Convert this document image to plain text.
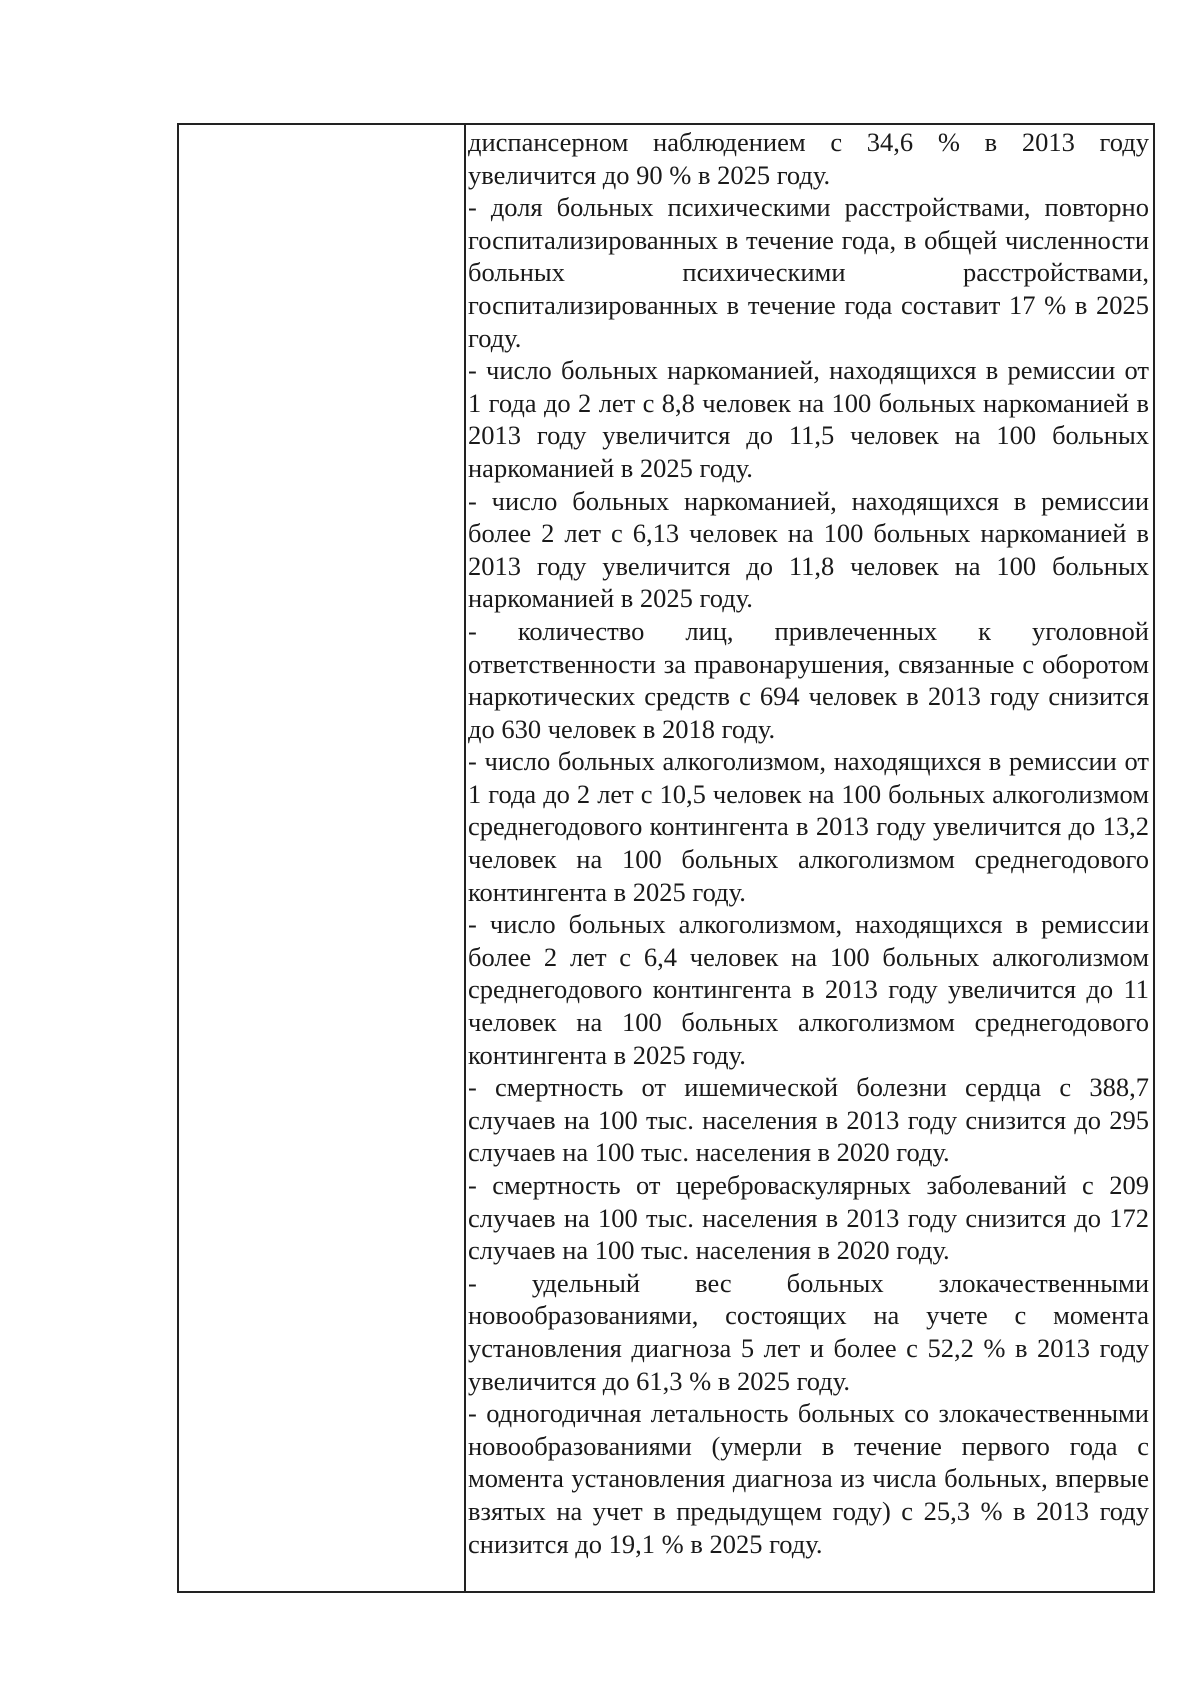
диспансерном наблюдением с 34,6 % в 2013 году увеличится до 90 % в 2025 году.

- доля больных психическими расстройствами, повторно госпитализированных в течение года, в общей численности больных психическими расстройствами, госпитализированных в течение года составит 17 % в 2025 году.

- число больных наркоманией, находящихся в ремиссии от 1 года до 2 лет с 8,8 человек на 100 больных наркоманией в 2013 году увеличится до 11,5 человек на 100 больных наркоманией в 2025 году.

- число больных наркоманией, находящихся в ремиссии более 2 лет с 6,13 человек на 100 больных наркоманией в 2013 году увеличится до 11,8 человек на 100 больных наркоманией в 2025 году.

- количество лиц, привлеченных к уголовной ответственности за правонарушения, связанные с оборотом наркотических средств с 694 человек в 2013 году снизится до 630 человек в 2018 году.

- число больных алкоголизмом, находящихся в ремиссии от 1 года до 2 лет с 10,5 человек на 100 больных алкоголизмом среднегодового контингента в 2013 году увеличится до 13,2 человек на 100 больных алкоголизмом среднегодового контингента в 2025 году.

- число больных алкоголизмом, находящихся в ремиссии более 2 лет с 6,4 человек на 100 больных алкоголизмом среднегодового контингента в 2013 году увеличится до 11 человек на 100 больных алкоголизмом среднегодового контингента в 2025 году.

- смертность от ишемической болезни сердца с 388,7 случаев на 100 тыс. населения в 2013 году снизится до 295 случаев на 100 тыс. населения в 2020 году.

- смертность от цереброваскулярных заболеваний с 209 случаев на 100 тыс. населения в 2013 году снизится до 172 случаев на 100 тыс. населения в 2020 году.

- удельный вес больных злокачественными новообразованиями, состоящих на учете с момента установления диагноза 5 лет и более с 52,2 % в 2013 году увеличится до 61,3 % в 2025 году.

- одногодичная летальность больных со злокачественными новообразованиями (умерли в течение первого года с момента установления диагноза из числа больных, впервые взятых на учет в предыдущем году) с 25,3 % в 2013 году снизится до 19,1 % в 2025 году.
